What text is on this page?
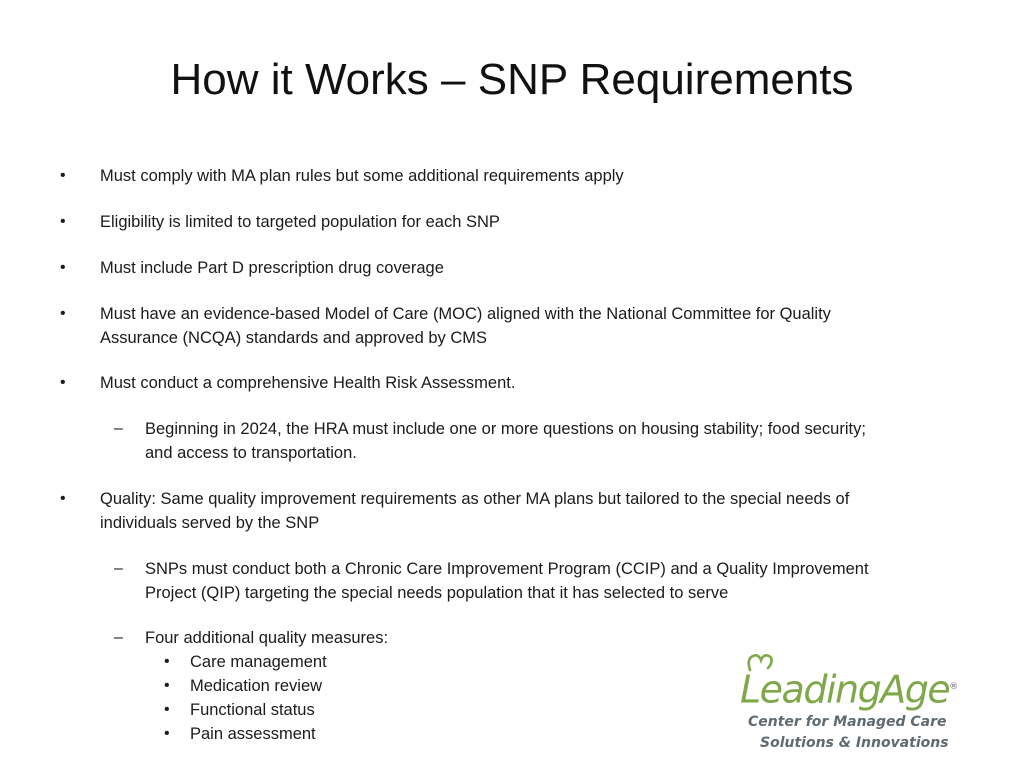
How it Works – SNP Requirements
• Must comply with MA plan rules but some additional requirements apply
• Eligibility is limited to targeted population for each SNP
• Must include Part D prescription drug coverage
• Must have an evidence-based Model of Care (MOC) aligned with the National Committee for Quality
Assurance (NCQA) standards and approved by CMS
• Must conduct a comprehensive Health Risk Assessment.
– Beginning in 2024, the HRA must include one or more questions on housing stability; food security;
and access to transportation.
• Quality: Same quality improvement requirements as other MA plans but tailored to the special needs of
individuals served by the SNP
– SNPs must conduct both a Chronic Care Improvement Program (CCIP) and a Quality Improvement
Project (QIP) targeting the special needs population that it has selected to serve
– Four additional quality measures:
• Care management
• Medication review
• Functional status
• Pain assessment
LeadingAge®
Center for Managed Care
Solutions & Innovations
